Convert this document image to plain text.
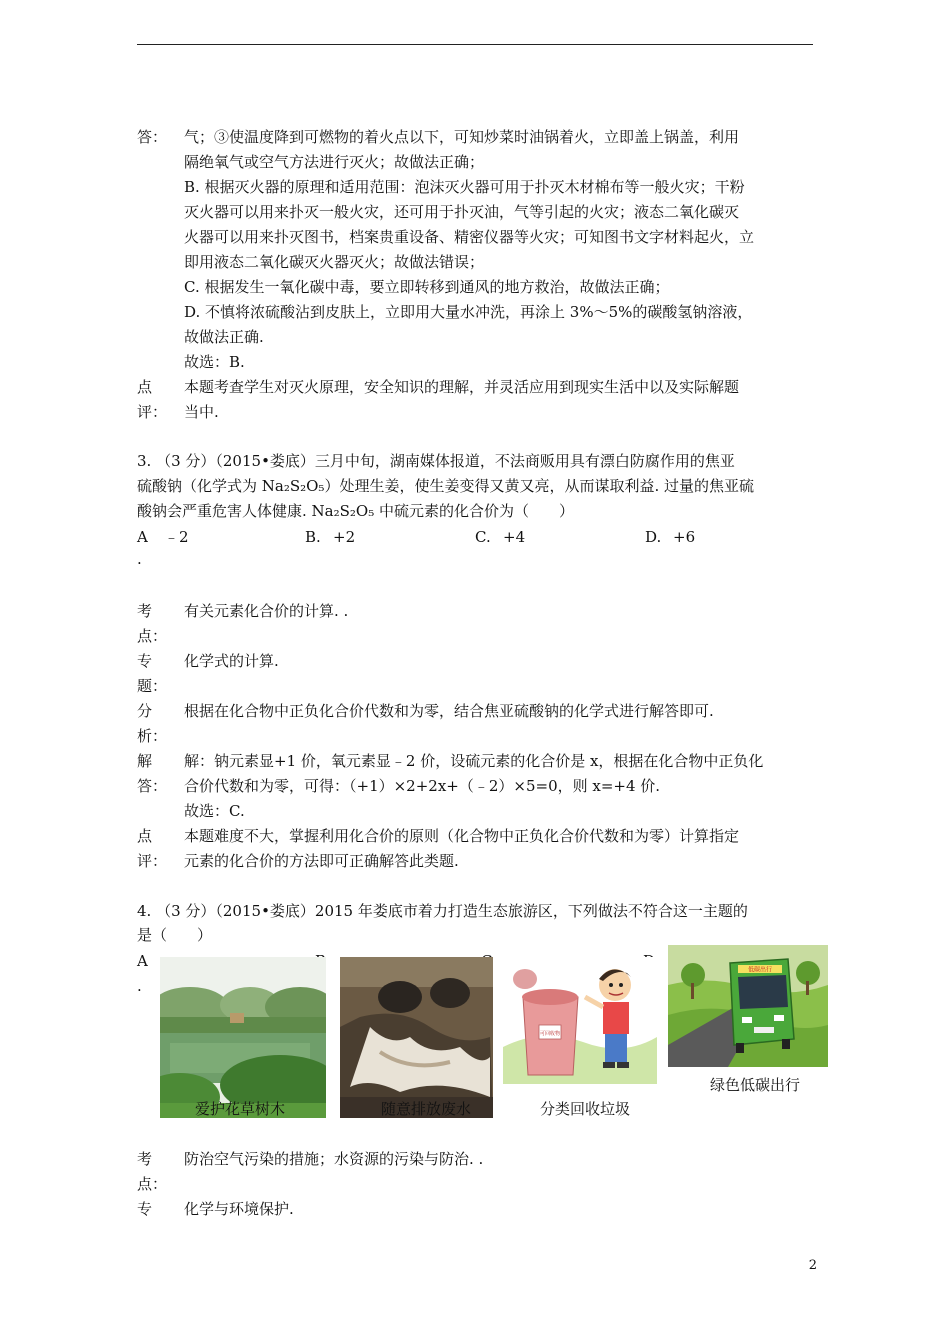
答： 气；③使温度降到可燃物的着火点以下，可知炒菜时油锅着火，立即盖上锅盖，利用
隔绝氧气或空气方法进行灭火；故做法正确；
B. 根据灭火器的原理和适用范围：泡沫灭火器可用于扑灭木材棉布等一般火灾；干粉
灭火器可以用来扑灭一般火灾，还可用于扑灭油，气等引起的火灾；液态二氧化碳灭
火器可以用来扑灭图书，档案贵重设备、精密仪器等火灾；可知图书文字材料起火，立
即用液态二氧化碳灭火器灭火；故做法错误；
C. 根据发生一氧化碳中毒，要立即转移到通风的地方救治，故做法正确；
D. 不慎将浓硫酸沾到皮肤上，立即用大量水冲洗，再涂上 3%～5%的碳酸氢钠溶液，
故做法正确.
故选：B.
点
评：
本题考查学生对灭火原理，安全知识的理解，并灵活应用到现实生活中以及实际解题
当中.
3. （3 分）（2015•娄底）三月中旬，湖南媒体报道，不法商贩用具有漂白防腐作用的焦亚
硫酸钠（化学式为 Na₂S₂O₅）处理生姜，使生姜变得又黄又亮，从而谋取利益. 过量的焦亚硫
酸钠会严重危害人体健康. Na₂S₂O₅ 中硫元素的化合价为（　　）
A ﹣2
.
B. +2	C. +4	D. +6
考
点：
有关元素化合价的计算. .
专
题：
化学式的计算.
分
析：
根据在化合物中正负化合价代数和为零，结合焦亚硫酸钠的化学式进行解答即可.
解
答：
解：钠元素显+1 价，氧元素显﹣2 价，设硫元素的化合价是 x，根据在化合物中正负化
合价代数和为零，可得：（+1）×2+2x+（﹣2）×5=0，则 x=+4 价.
故选：C.
点
评：
本题难度不大，掌握利用化合价的原则（化合物中正负化合价代数和为零）计算指定
元素的化合价的方法即可正确解答此类题.
4. （3 分）（2015•娄底）2015 年娄底市着力打造生态旅游区，下列做法不符合这一主题的
是（　　）
A
.
可回收物
低碳出行
爱护花草树木	随意排放废水	分类回收垃圾
绿色低碳出行
考
点：
防治空气污染的措施；水资源的污染与防治. .
专 化学与环境保护.
2
